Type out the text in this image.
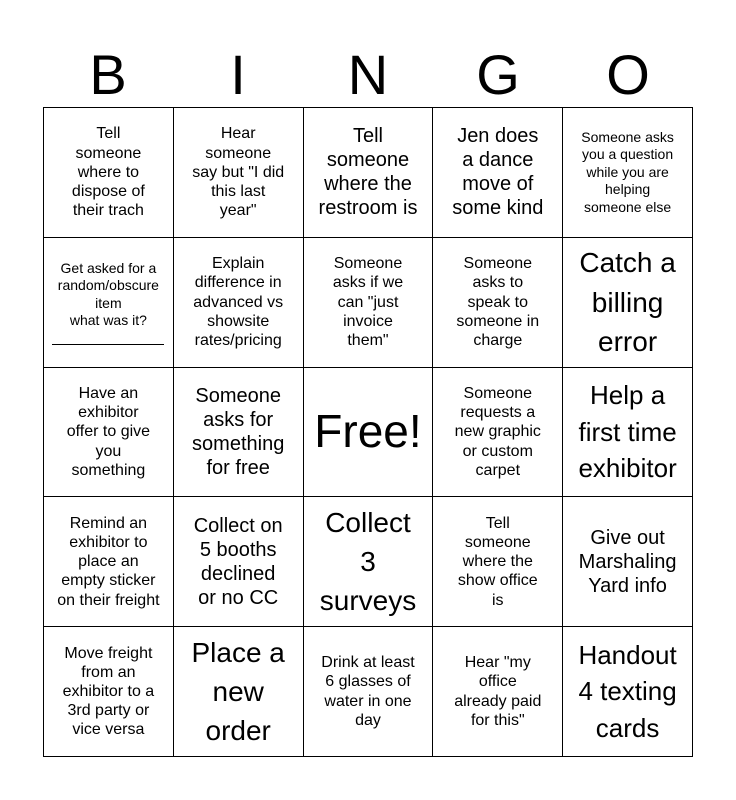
B	I	N	G	O
Tell
someone
where to
dispose of
their trach
Hear
someone
say but "I did
this last
year"
Tell
someone
where the
restroom is
Jen does
a dance
move of
some kind
Someone asks
you a question
while you are
helping
someone else
Get asked for a
random/obscure
item
what was it?
Explain
difference in
advanced vs
showsite
rates/pricing
Someone
asks if we
can "just
invoice
them"
Someone
asks to
speak to
someone in
charge
Catch a
billing
error
Have an
exhibitor
offer to give
you
something
Someone
asks for
something
for free
Free!
Someone
requests a
new graphic
or custom
carpet
Help a
first time
exhibitor
Remind an
exhibitor to
place an
empty sticker
on their freight
Collect on
5 booths
declined
or no CC
Collect
3
surveys
Tell
someone
where the
show office
is
Give out
Marshaling
Yard info
Move freight
from an
exhibitor to a
3rd party or
vice versa
Place a
new
order
Drink at least
6 glasses of
water in one
day
Hear "my
office
already paid
for this"
Handout
4 texting
cards
